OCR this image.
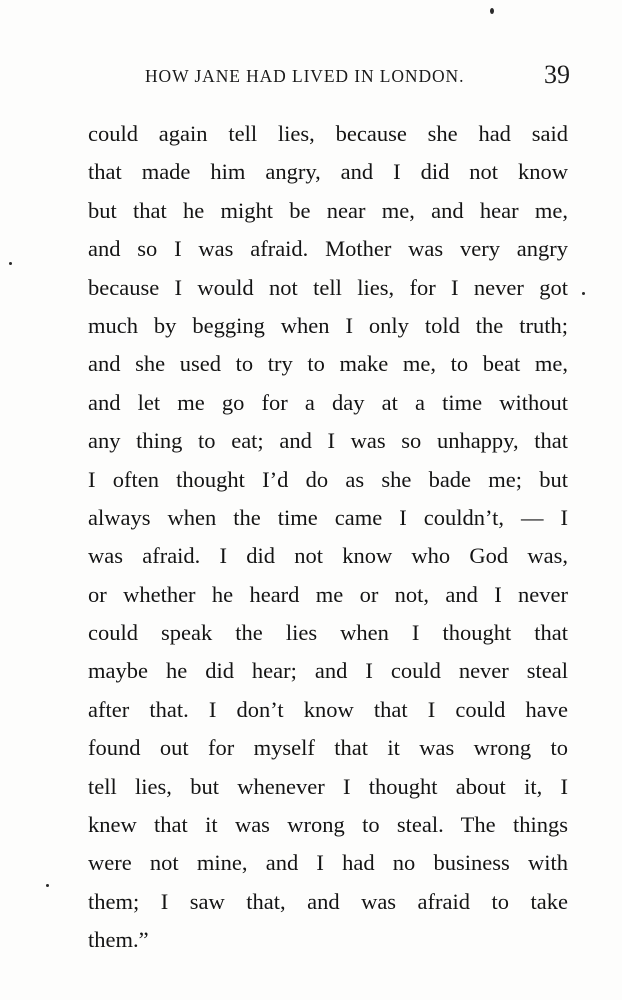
HOW JANE HAD LIVED IN LONDON.	39
could again tell lies, because she had said
that made him angry, and I did not know
but that he might be near me, and hear me,
and so I was afraid. Mother was very angry
because I would not tell lies, for I never got
much by begging when I only told the truth;
and she used to try to make me, to beat me,
and let me go for a day at a time without
any thing to eat; and I was so unhappy, that
I often thought I’d do as she bade me; but
always when the time came I couldn’t, — I
was afraid. I did not know who God was,
or whether he heard me or not, and I never
could speak the lies when I thought that
maybe he did hear; and I could never steal
after that. I don’t know that I could have
found out for myself that it was wrong to
tell lies, but whenever I thought about it, I
knew that it was wrong to steal. The things
were not mine, and I had no business with
them; I saw that, and was afraid to take
them.”
